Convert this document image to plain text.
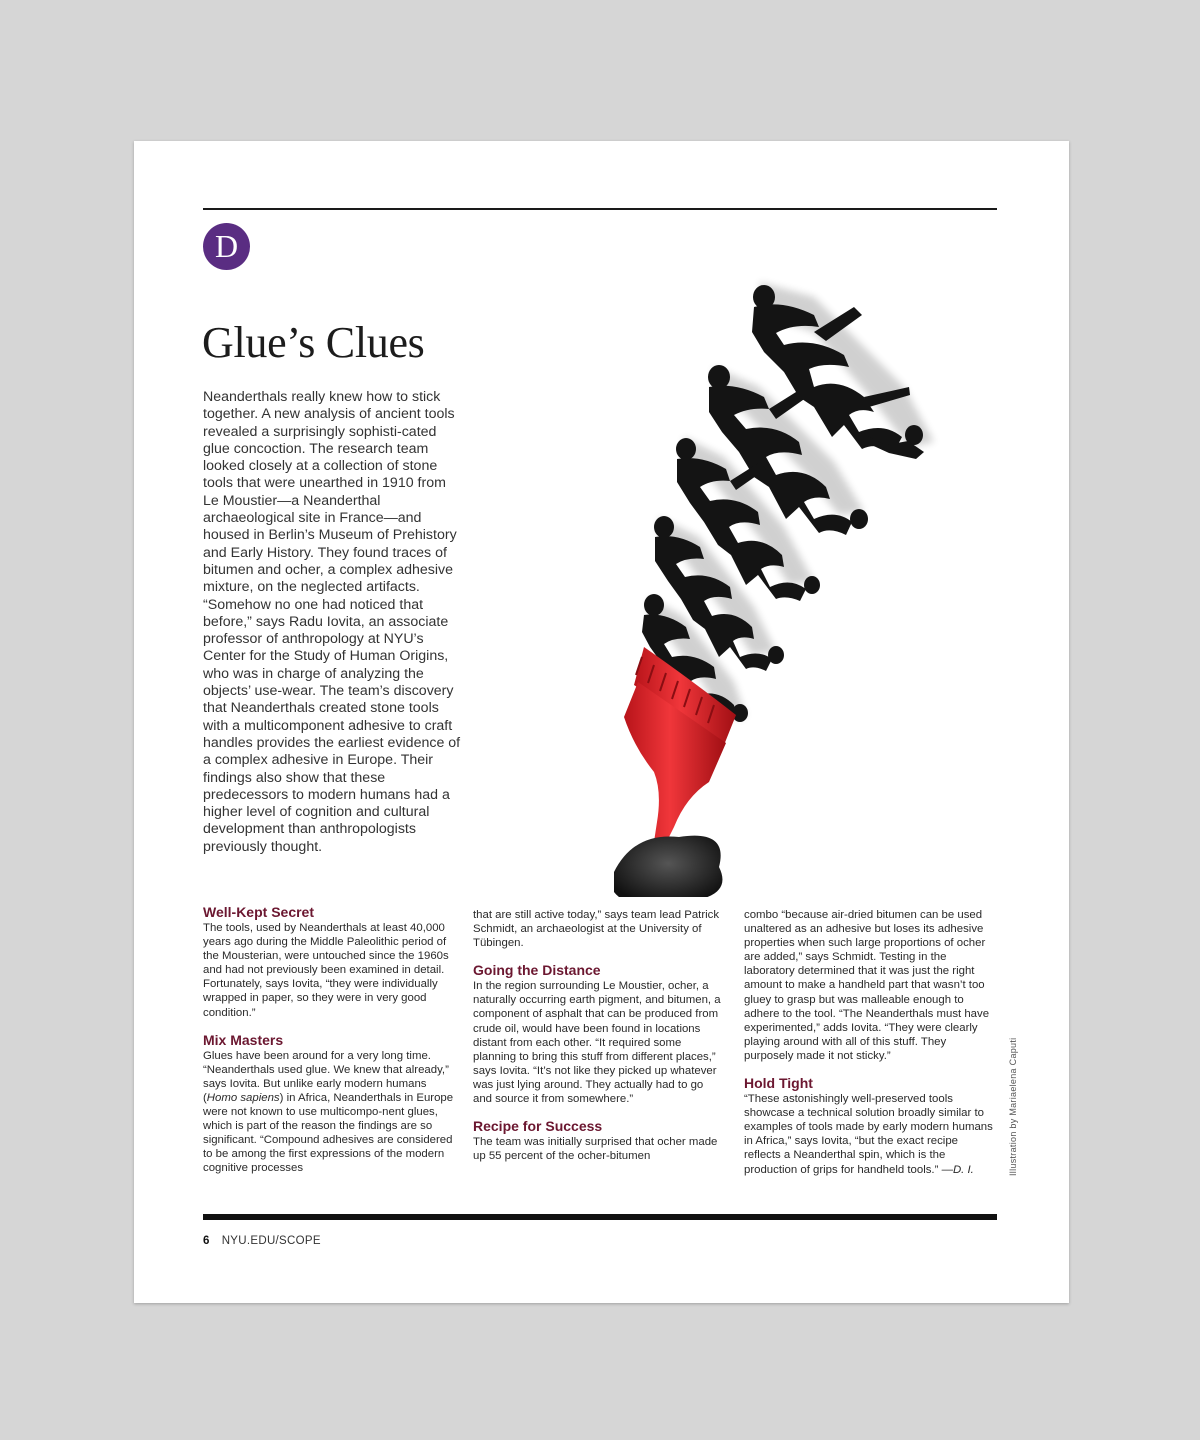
D
Glue’s Clues

Neanderthals really knew how to stick together. A new analysis of ancient tools revealed a surprisingly sophisti-cated glue concoction. The research team looked closely at a collection of stone tools that were unearthed in 1910 from Le Moustier—a Neanderthal archaeological site in France—and housed in Berlin’s Museum of Prehistory and Early History. They found traces of bitumen and ocher, a complex adhesive mixture, on the neglected artifacts. “Somehow no one had noticed that before,” says Radu Iovita, an associate professor of anthropology at NYU’s Center for the Study of Human Origins, who was in charge of analyzing the objects’ use-wear. The team’s discovery that Neanderthals created stone tools with a multicomponent adhesive to craft handles provides the earliest evidence of a complex adhesive in Europe. Their findings also show that these predecessors to modern humans had a higher level of cognition and cultural development than anthropologists previously thought.

Well-Kept Secret

The tools, used by Neanderthals at least 40,000 years ago during the Middle Paleolithic period of the Mousterian, were untouched since the 1960s and had not previously been examined in detail. Fortunately, says Iovita, “they were individually wrapped in paper, so they were in very good condition.”

Mix Masters

Glues have been around for a very long time. “Neanderthals used glue. We knew that already,” says Iovita. But unlike early modern humans (Homo sapiens) in Africa, Neanderthals in Europe were not known to use multicompo-nent glues, which is part of the reason the findings are so significant. “Compound adhesives are considered to be among the first expressions of the modern cognitive processes

that are still active today,” says team lead Patrick Schmidt, an archaeologist at the University of Tübingen.

Going the Distance

In the region surrounding Le Moustier, ocher, a naturally occurring earth pigment, and bitumen, a component of asphalt that can be produced from crude oil, would have been found in locations distant from each other. “It required some planning to bring this stuff from different places,” says Iovita. “It’s not like they picked up whatever was just lying around. They actually had to go and source it from somewhere.”

Recipe for Success

The team was initially surprised that ocher made up 55 percent of the ocher-bitumen

combo “because air-dried bitumen can be used unaltered as an adhesive but loses its adhesive properties when such large proportions of ocher are added,” says Schmidt. Testing in the laboratory determined that it was just the right amount to make a handheld part that wasn’t too gluey to grasp but was malleable enough to adhere to the tool. “The Neanderthals must have experimented,” adds Iovita. “They were clearly playing around with all of this stuff. They purposely made it not sticky.”

Hold Tight

“These astonishingly well-preserved tools showcase a technical solution broadly similar to examples of tools made by early modern humans in Africa,” says Iovita, “but the exact recipe reflects a Neanderthal spin, which is the production of grips for handheld tools.” —D. I.	Illustration by Mariaelena Caputi
6 NYU.EDU/SCOPE
